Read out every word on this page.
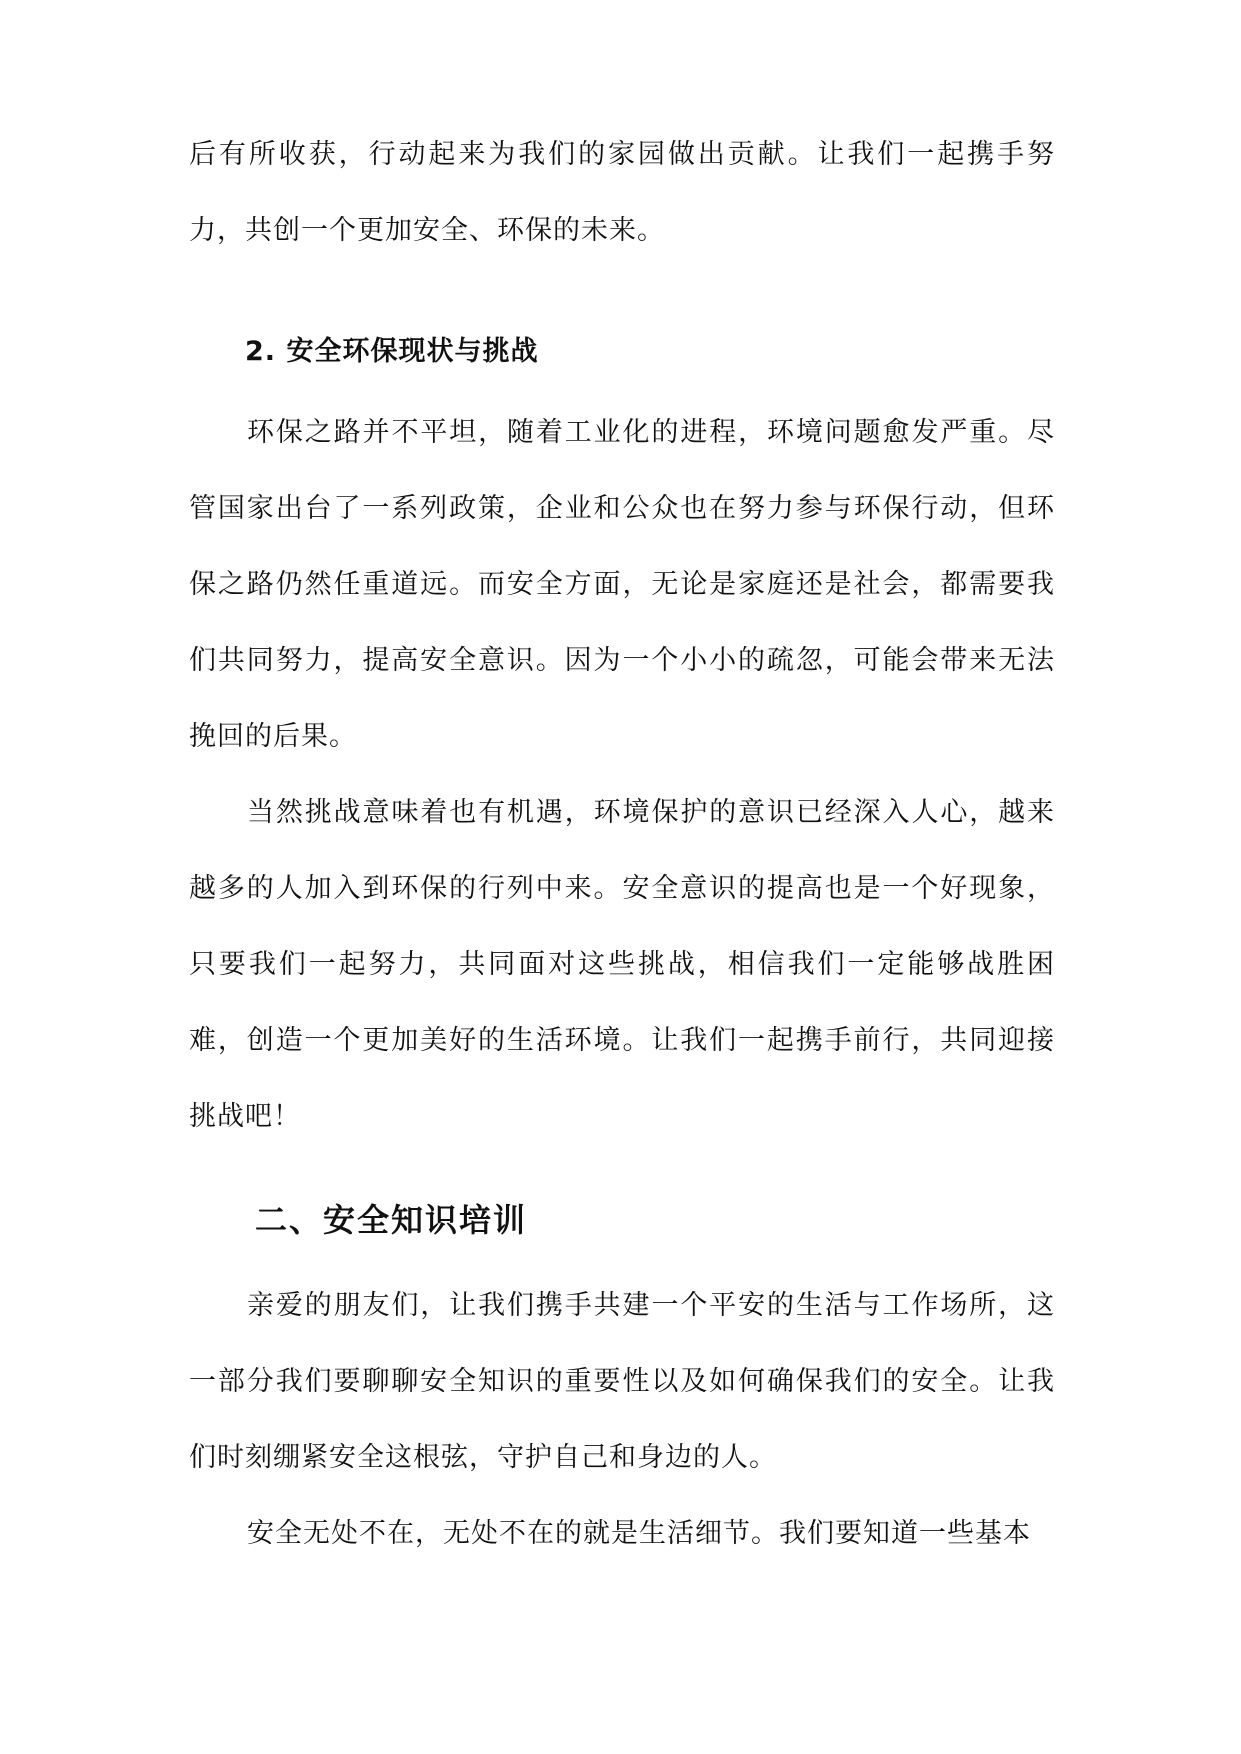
后有所收获，行动起来为我们的家园做出贡献。让我们一起携手努力，共创一个更加安全、环保的未来。

2. 安全环保现状与挑战

环保之路并不平坦，随着工业化的进程，环境问题愈发严重。尽管国家出台了一系列政策，企业和公众也在努力参与环保行动，但环保之路仍然任重道远。而安全方面，无论是家庭还是社会，都需要我们共同努力，提高安全意识。因为一个小小的疏忽，可能会带来无法挽回的后果。

当然挑战意味着也有机遇，环境保护的意识已经深入人心，越来越多的人加入到环保的行列中来。安全意识的提高也是一个好现象，只要我们一起努力，共同面对这些挑战，相信我们一定能够战胜困难，创造一个更加美好的生活环境。让我们一起携手前行，共同迎接挑战吧！

二、安全知识培训

亲爱的朋友们，让我们携手共建一个平安的生活与工作场所，这一部分我们要聊聊安全知识的重要性以及如何确保我们的安全。让我们时刻绷紧安全这根弦，守护自己和身边的人。

安全无处不在，无处不在的就是生活细节。我们要知道一些基本
